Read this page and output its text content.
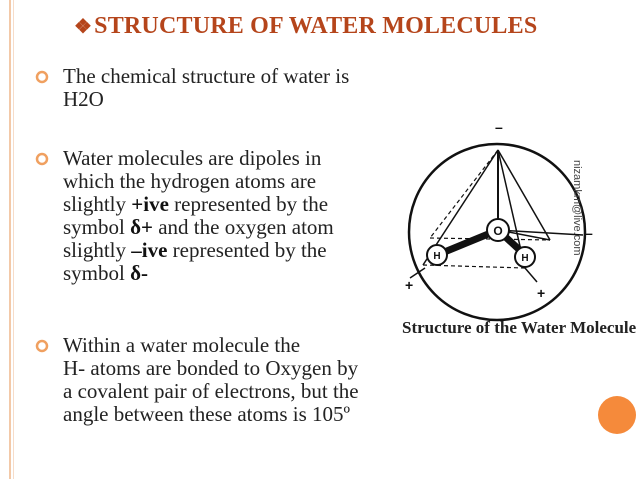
❖STRUCTURE OF WATER MOLECULES
The chemical structure of water is
H2O
Water molecules are dipoles in
which the hydrogen atoms are
slightly +ive represented by the
symbol δ+ and the oxygen atom
slightly –ive represented by the
symbol δ-
Within a water molecule the
H- atoms are bonded to Oxygen by
a covalent pair of electrons, but the
angle between these atoms is 105º
O
H	H
–
+	+
–
Structure of the Water Molecule
nizamkm@live.com
